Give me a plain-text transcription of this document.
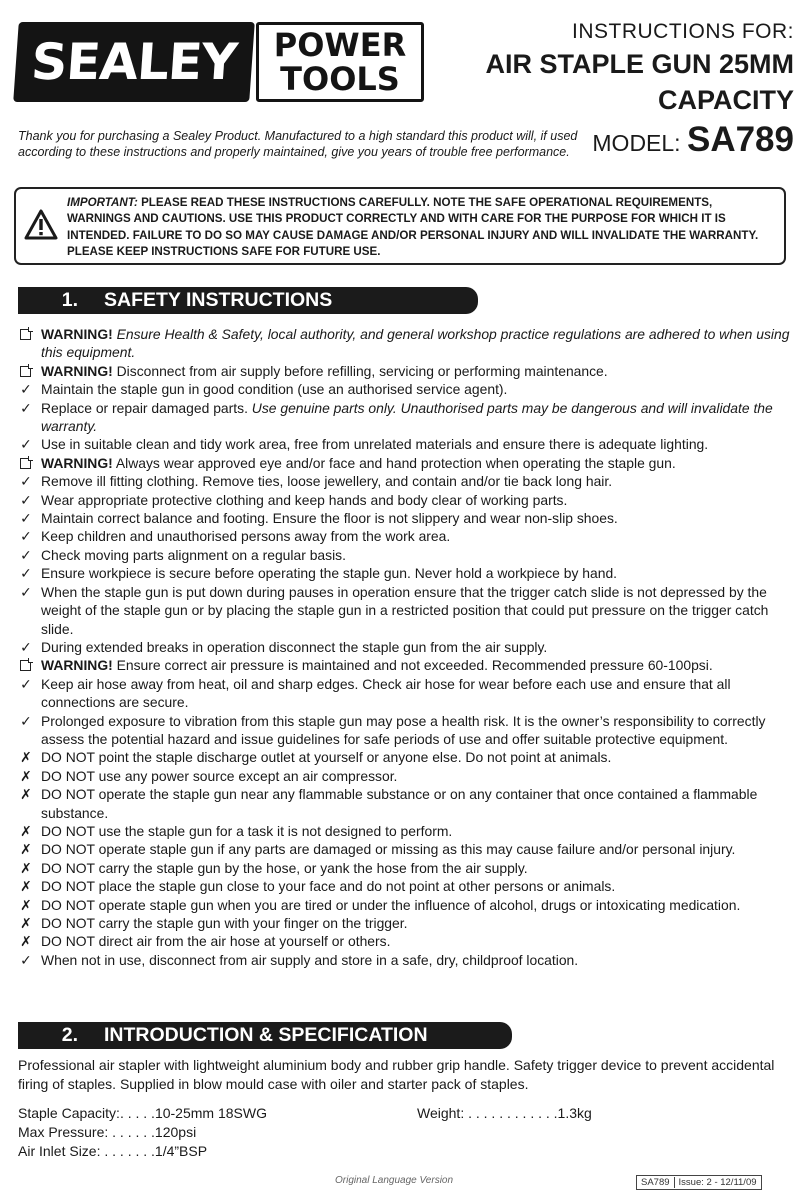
SEALEY POWER
TOOLS
INSTRUCTIONS FOR:
AIR STAPLE GUN 25MM
CAPACITY
MODEL: SA789
Thank you for purchasing a Sealey Product. Manufactured to a high standard this product will, if used according to these instructions and properly maintained, give you years of trouble free performance.
IMPORTANT: PLEASE READ THESE INSTRUCTIONS CAREFULLY. NOTE THE SAFE OPERATIONAL REQUIREMENTS, WARNINGS AND CAUTIONS. USE THIS PRODUCT CORRECTLY AND WITH CARE FOR THE PURPOSE FOR WHICH IT IS INTENDED. FAILURE TO DO SO MAY CAUSE DAMAGE AND/OR PERSONAL INJURY AND WILL INVALIDATE THE WARRANTY. PLEASE KEEP INSTRUCTIONS SAFE FOR FUTURE USE.
1.	SAFETY INSTRUCTIONS
WARNING! Ensure Health & Safety, local authority, and general workshop practice regulations are adhered to when using this equipment.
WARNING! Disconnect from air supply before refilling, servicing or performing maintenance.
✓ Maintain the staple gun in good condition (use an authorised service agent).
✓ Replace or repair damaged parts. Use genuine parts only. Unauthorised parts may be dangerous and will invalidate the warranty.
✓ Use in suitable clean and tidy work area, free from unrelated materials and ensure there is adequate lighting.
WARNING! Always wear approved eye and/or face and hand protection when operating the staple gun.
✓ Remove ill fitting clothing. Remove ties, loose jewellery, and contain and/or tie back long hair.
✓ Wear appropriate protective clothing and keep hands and body clear of working parts.
✓ Maintain correct balance and footing. Ensure the floor is not slippery and wear non-slip shoes.
✓ Keep children and unauthorised persons away from the work area.
✓ Check moving parts alignment on a regular basis.
✓ Ensure workpiece is secure before operating the staple gun. Never hold a workpiece by hand.
✓ When the staple gun is put down during pauses in operation ensure that the trigger catch slide is not depressed by the weight of the staple gun or by placing the staple gun in a restricted position that could put pressure on the trigger catch slide.
✓ During extended breaks in operation disconnect the staple gun from the air supply.
WARNING! Ensure correct air pressure is maintained and not exceeded. Recommended pressure 60-100psi.
✓ Keep air hose away from heat, oil and sharp edges. Check air hose for wear before each use and ensure that all connections are secure.
✓ Prolonged exposure to vibration from this staple gun may pose a health risk. It is the owner’s responsibility to correctly assess the potential hazard and issue guidelines for safe periods of use and offer suitable protective equipment.
✗ DO NOT point the staple discharge outlet at yourself or anyone else. Do not point at animals.
✗ DO NOT use any power source except an air compressor.
✗ DO NOT operate the staple gun near any flammable substance or on any container that once contained a flammable substance.
✗ DO NOT use the staple gun for a task it is not designed to perform.
✗ DO NOT operate staple gun if any parts are damaged or missing as this may cause failure and/or personal injury.
✗ DO NOT carry the staple gun by the hose, or yank the hose from the air supply.
✗ DO NOT place the staple gun close to your face and do not point at other persons or animals.
✗ DO NOT operate staple gun when you are tired or under the influence of alcohol, drugs or intoxicating medication.
✗ DO NOT carry the staple gun with your finger on the trigger.
✗ DO NOT direct air from the air hose at yourself or others.
✓ When not in use, disconnect from air supply and store in a safe, dry, childproof location.
2.	INTRODUCTION & SPECIFICATION
Professional air stapler with lightweight aluminium body and rubber grip handle. Safety trigger device to prevent accidental firing of staples. Supplied in blow mould case with oiler and starter pack of staples.
Staple Capacity:. . . . .10-25mm 18SWG
Max Pressure: . . . . . .120psi
Air Inlet Size: . . . . . . .1/4”BSP
Weight: . . . . . . . . . . . .1.3kg
Original Language Version	SA789 Issue: 2 - 12/11/09
